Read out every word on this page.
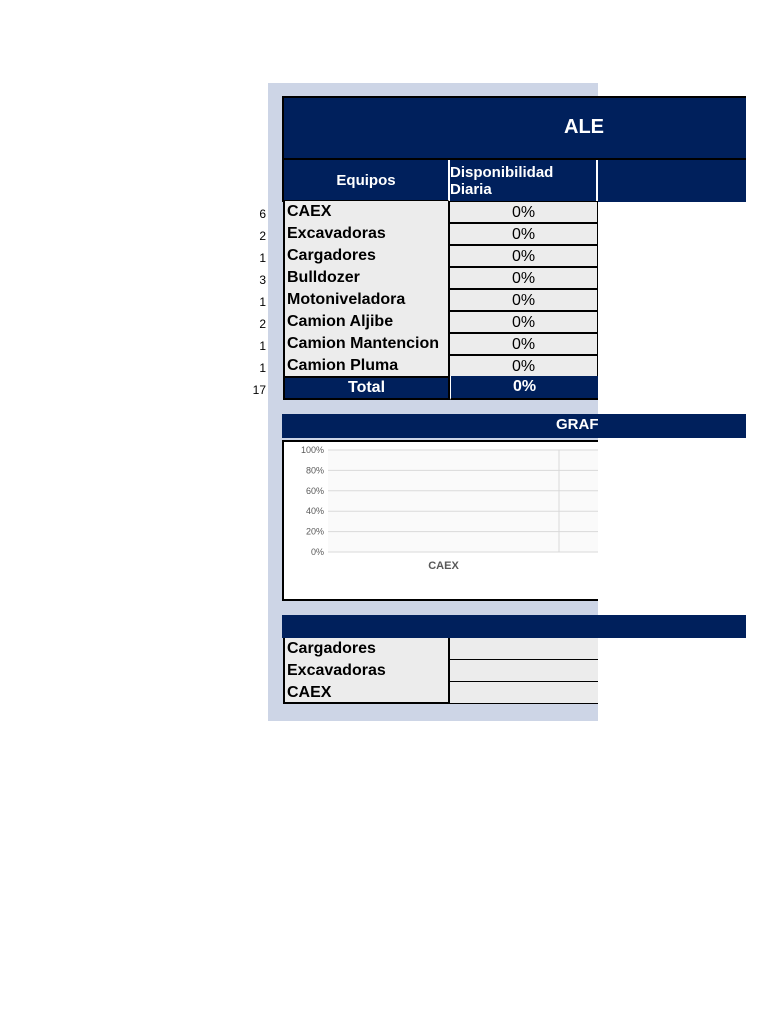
ALE
Equipos	Disponibilidad Diaria
6 CAEX	0%
2 Excavadoras	0%
1 Cargadores	0%
3 Bulldozer	0%
1 Motoniveladora	0%
2 Camion Aljibe	0%
1 Camion Mantencion	0%
1 Camion Pluma	0%
17	Total	0%
GRAF
0%
20%
40%
60%
80%
100%
CAEX
Cargadores
Excavadoras
CAEX
